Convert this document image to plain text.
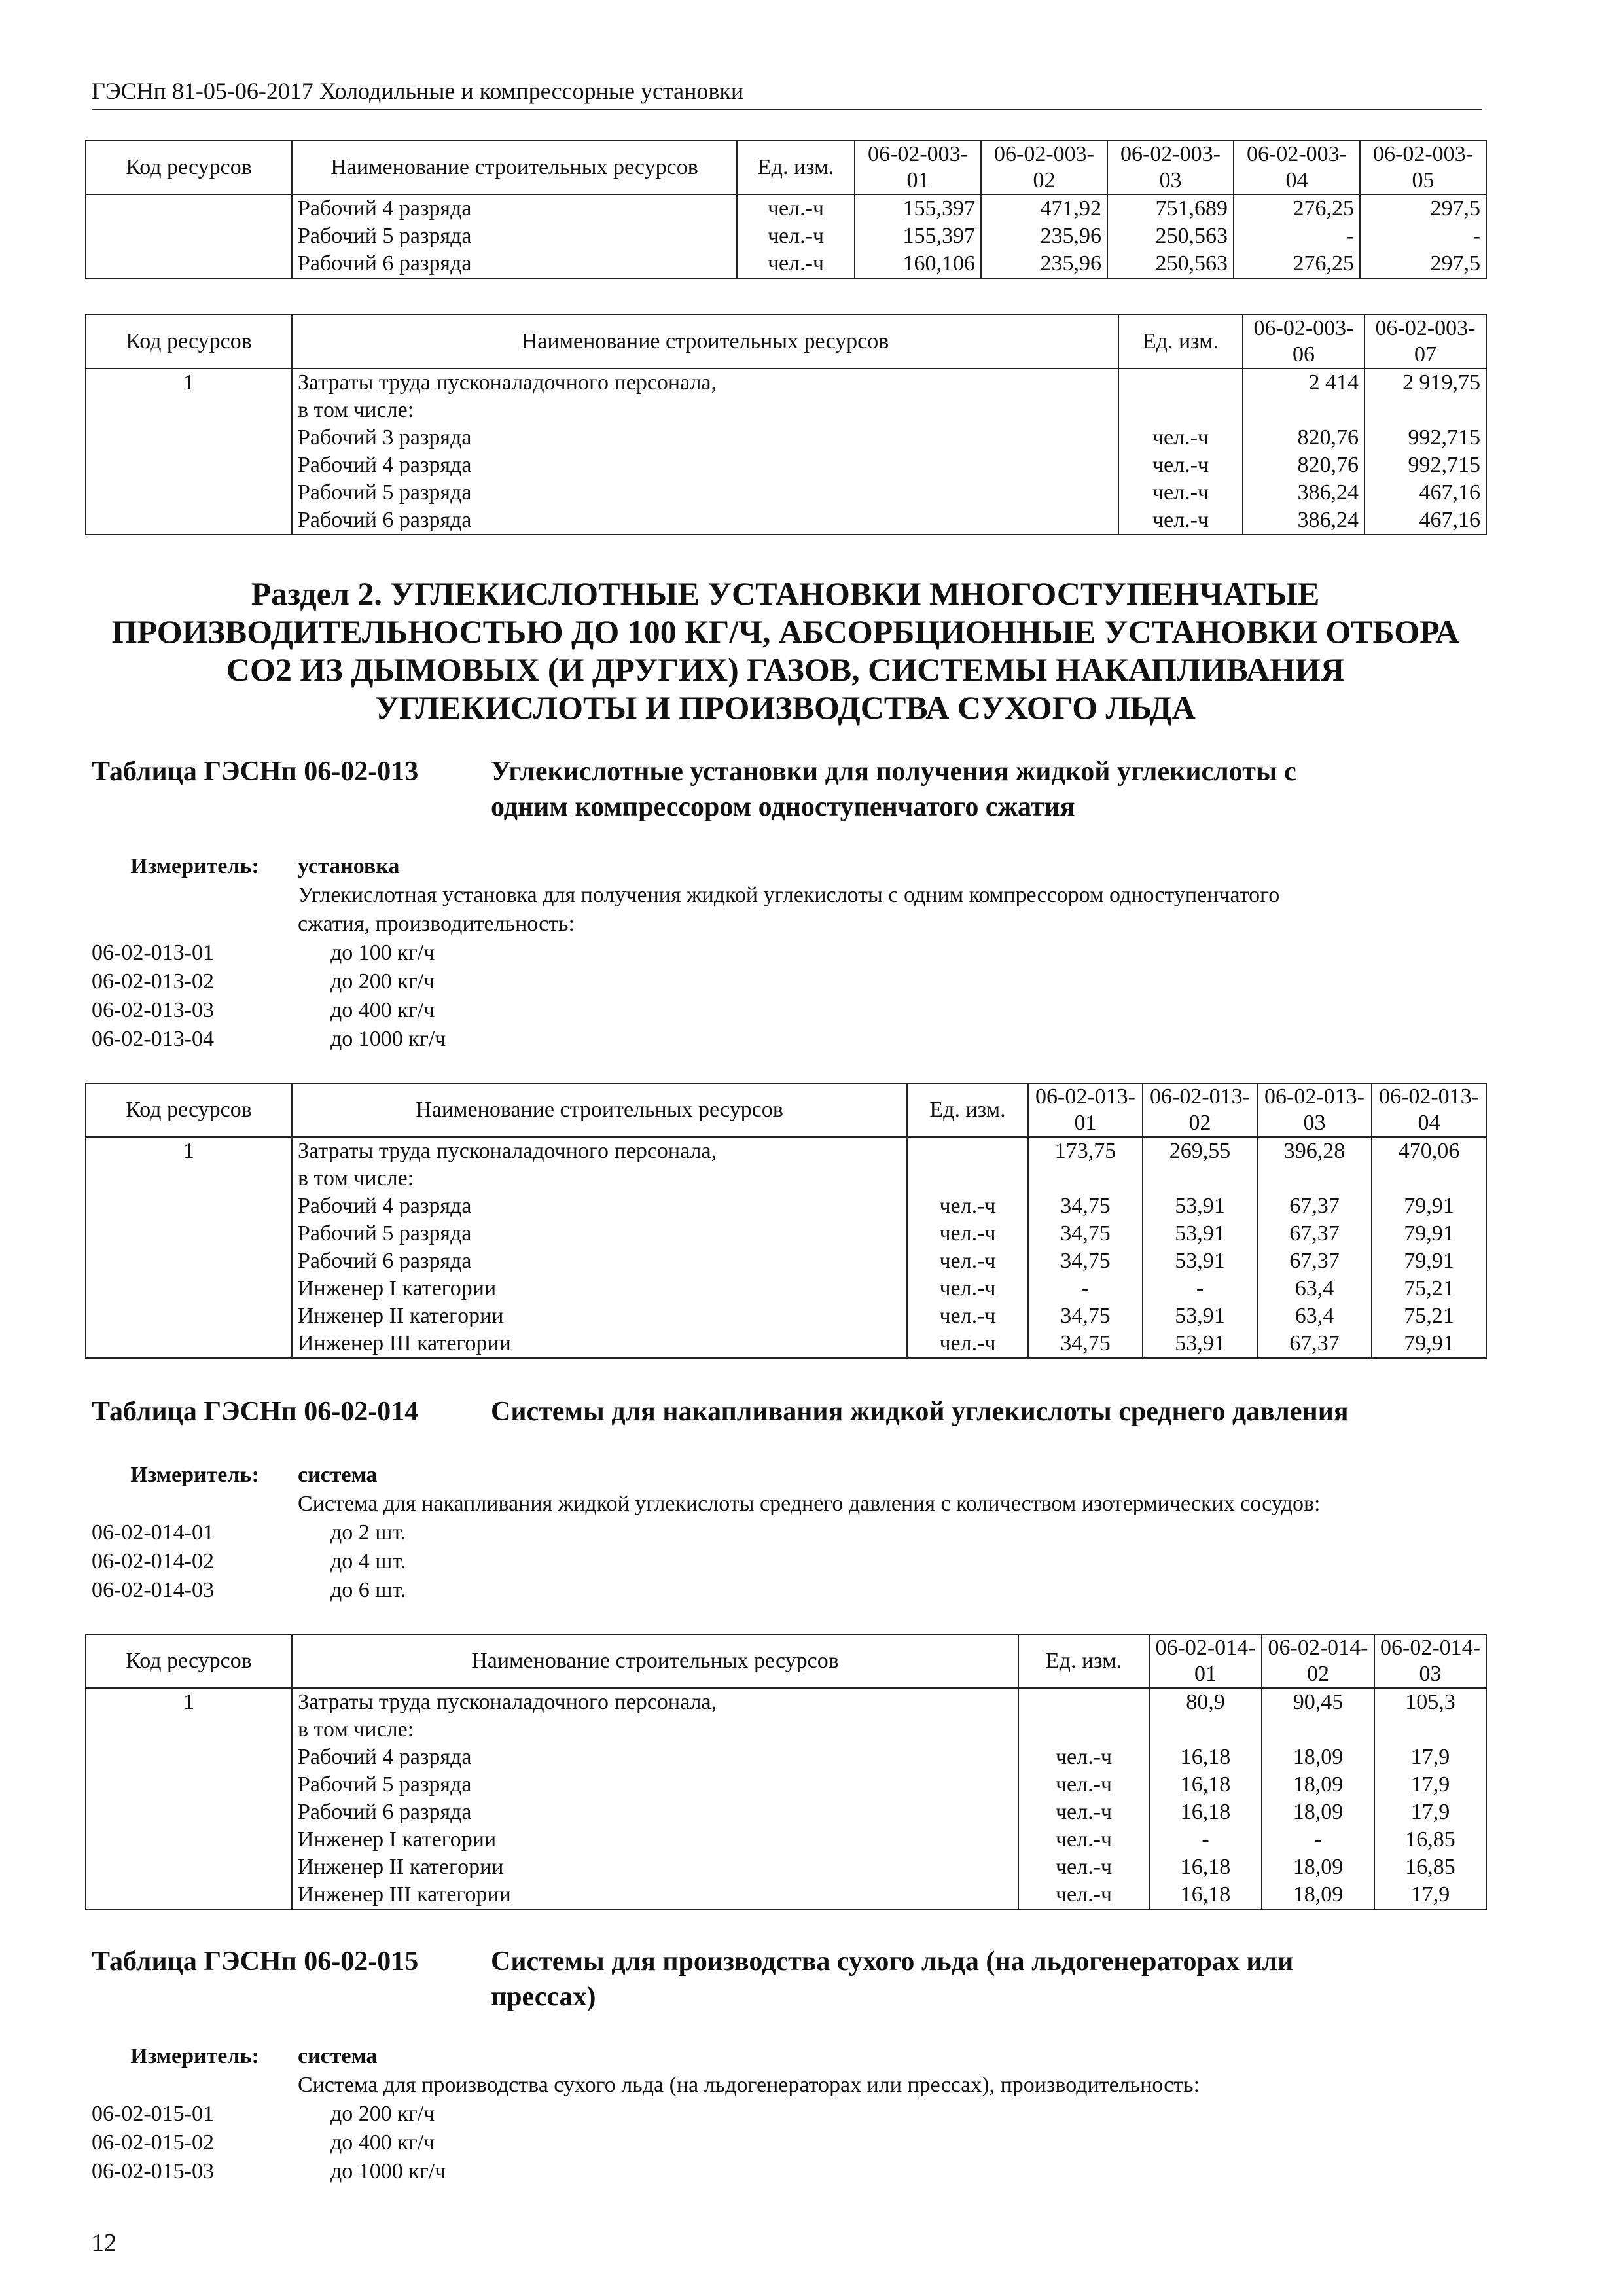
ГЭСНп 81-05-06-2017 Холодильные и компрессорные установки
Код ресурсов	Наименование строительных ресурсов	Ед. изм.	06-02-003-01	06-02-003-02	06-02-003-03	06-02-003-04	06-02-003-05
	Рабочий 4 разряда	чел.-ч	155,397	471,92	751,689	276,25	297,5
	Рабочий 5 разряда	чел.-ч	155,397	235,96	250,563	-	-
	Рабочий 6 разряда	чел.-ч	160,106	235,96	250,563	276,25	297,5
Код ресурсов	Наименование строительных ресурсов	Ед. изм.	06-02-003-06	06-02-003-07
1	Затраты труда пусконаладочного персонала,		2 414	2 919,75
	в том числе:			
	Рабочий 3 разряда	чел.-ч	820,76	992,715
	Рабочий 4 разряда	чел.-ч	820,76	992,715
	Рабочий 5 разряда	чел.-ч	386,24	467,16
	Рабочий 6 разряда	чел.-ч	386,24	467,16
Раздел 2. УГЛЕКИСЛОТНЫЕ УСТАНОВКИ МНОГОСТУПЕНЧАТЫЕ
ПРОИЗВОДИТЕЛЬНОСТЬЮ ДО 100 КГ/Ч, АБСОРБЦИОННЫЕ УСТАНОВКИ ОТБОРА
СО2 ИЗ ДЫМОВЫХ (И ДРУГИХ) ГАЗОВ, СИСТЕМЫ НАКАПЛИВАНИЯ
УГЛЕКИСЛОТЫ И ПРОИЗВОДСТВА СУХОГО ЛЬДА
Таблица ГЭСНп 06-02-013	Углекислотные установки для получения жидкой углекислоты с
одним компрессором одноступенчатого сжатия
Измеритель:	установка
Углекислотная установка для получения жидкой углекислоты с одним компрессором одноступенчатого
сжатия, производительность:
06-02-013-01	до 100 кг/ч
06-02-013-02	до 200 кг/ч
06-02-013-03	до 400 кг/ч
06-02-013-04	до 1000 кг/ч
Код ресурсов	Наименование строительных ресурсов	Ед. изм.	06-02-013-01	06-02-013-02	06-02-013-03	06-02-013-04
1	Затраты труда пусконаладочного персонала,		173,75	269,55	396,28	470,06
	в том числе:					
	Рабочий 4 разряда	чел.-ч	34,75	53,91	67,37	79,91
	Рабочий 5 разряда	чел.-ч	34,75	53,91	67,37	79,91
	Рабочий 6 разряда	чел.-ч	34,75	53,91	67,37	79,91
	Инженер I категории	чел.-ч	-	-	63,4	75,21
	Инженер II категории	чел.-ч	34,75	53,91	63,4	75,21
	Инженер III категории	чел.-ч	34,75	53,91	67,37	79,91
Таблица ГЭСНп 06-02-014	Системы для накапливания жидкой углекислоты среднего давления
Измеритель:	система
Система для накапливания жидкой углекислоты среднего давления с количеством изотермических сосудов:
06-02-014-01	до 2 шт.
06-02-014-02	до 4 шт.
06-02-014-03	до 6 шт.
Код ресурсов	Наименование строительных ресурсов	Ед. изм.	06-02-014-01	06-02-014-02	06-02-014-03
1	Затраты труда пусконаладочного персонала,		80,9	90,45	105,3
	в том числе:				
	Рабочий 4 разряда	чел.-ч	16,18	18,09	17,9
	Рабочий 5 разряда	чел.-ч	16,18	18,09	17,9
	Рабочий 6 разряда	чел.-ч	16,18	18,09	17,9
	Инженер I категории	чел.-ч	-	-	16,85
	Инженер II категории	чел.-ч	16,18	18,09	16,85
	Инженер III категории	чел.-ч	16,18	18,09	17,9
Таблица ГЭСНп 06-02-015	Системы для производства сухого льда (на льдогенераторах или
прессах)
Измеритель:	система
Система для производства сухого льда (на льдогенераторах или прессах), производительность:
06-02-015-01	до 200 кг/ч
06-02-015-02	до 400 кг/ч
06-02-015-03	до 1000 кг/ч
12
